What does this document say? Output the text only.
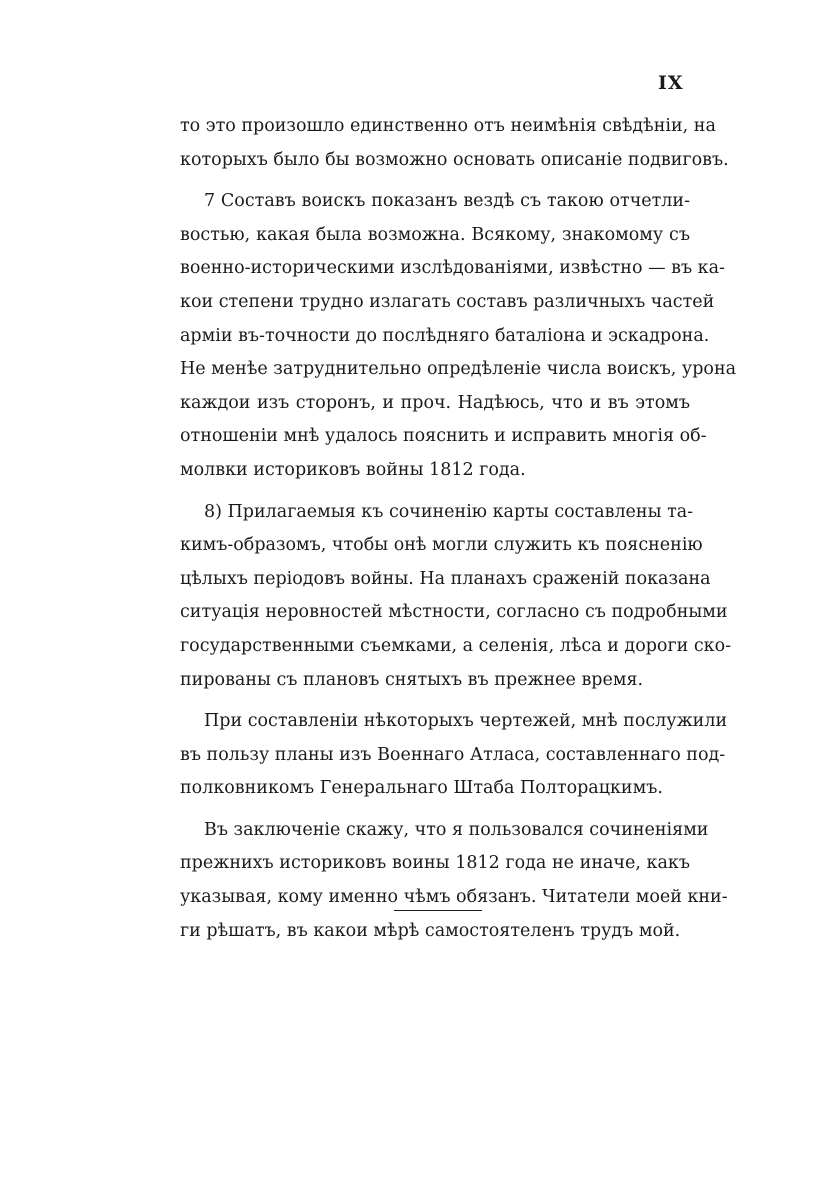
IX
то это произошло единственно отъ неимѣнія свѣдѣніи, на
которыхъ было бы возможно основать описаніе подвиговъ.
7 Составъ воискъ показанъ вездѣ съ такою отчетли-
востью, какая была возможна. Всякому, знакомому съ
военно-историческими изслѣдованіями, извѣстно — въ ка-
кои степени трудно излагать составъ различныхъ частей
арміи въ-точности до послѣдняго баталіона и эскадрона.
Не менѣе затруднительно опредѣленіе числа воискъ, урона
каждои изъ сторонъ, и проч. Надѣюсь, что и въ этомъ
отношеніи мнѣ удалось пояснить и исправить многія об-
молвки историковъ войны 1812 года.
8) Прилагаемыя къ сочиненію карты составлены та-
кимъ-образомъ, чтобы онѣ могли служить къ поясненію
цѣлыхъ періодовъ войны. На планахъ сраженій показана
ситуація неровностей мѣстности, согласно съ подробными
государственными съемками, а селенія, лѣса и дороги ско-
пированы съ плановъ снятыхъ въ прежнее время.
При составленіи нѣкоторыхъ чертежей, мнѣ послужили
въ пользу планы изъ Военнаго Атласа, составленнаго под-
полковникомъ Генеральнаго Штаба Полторацкимъ.
Въ заключеніе скажу, что я пользовался сочиненіями
прежнихъ историковъ воины 1812 года не иначе, какъ
указывая, кому именно чѣмъ обязанъ. Читатели моей кни-
ги рѣшатъ, въ какои мѣрѣ самостоятеленъ трудъ мой.
